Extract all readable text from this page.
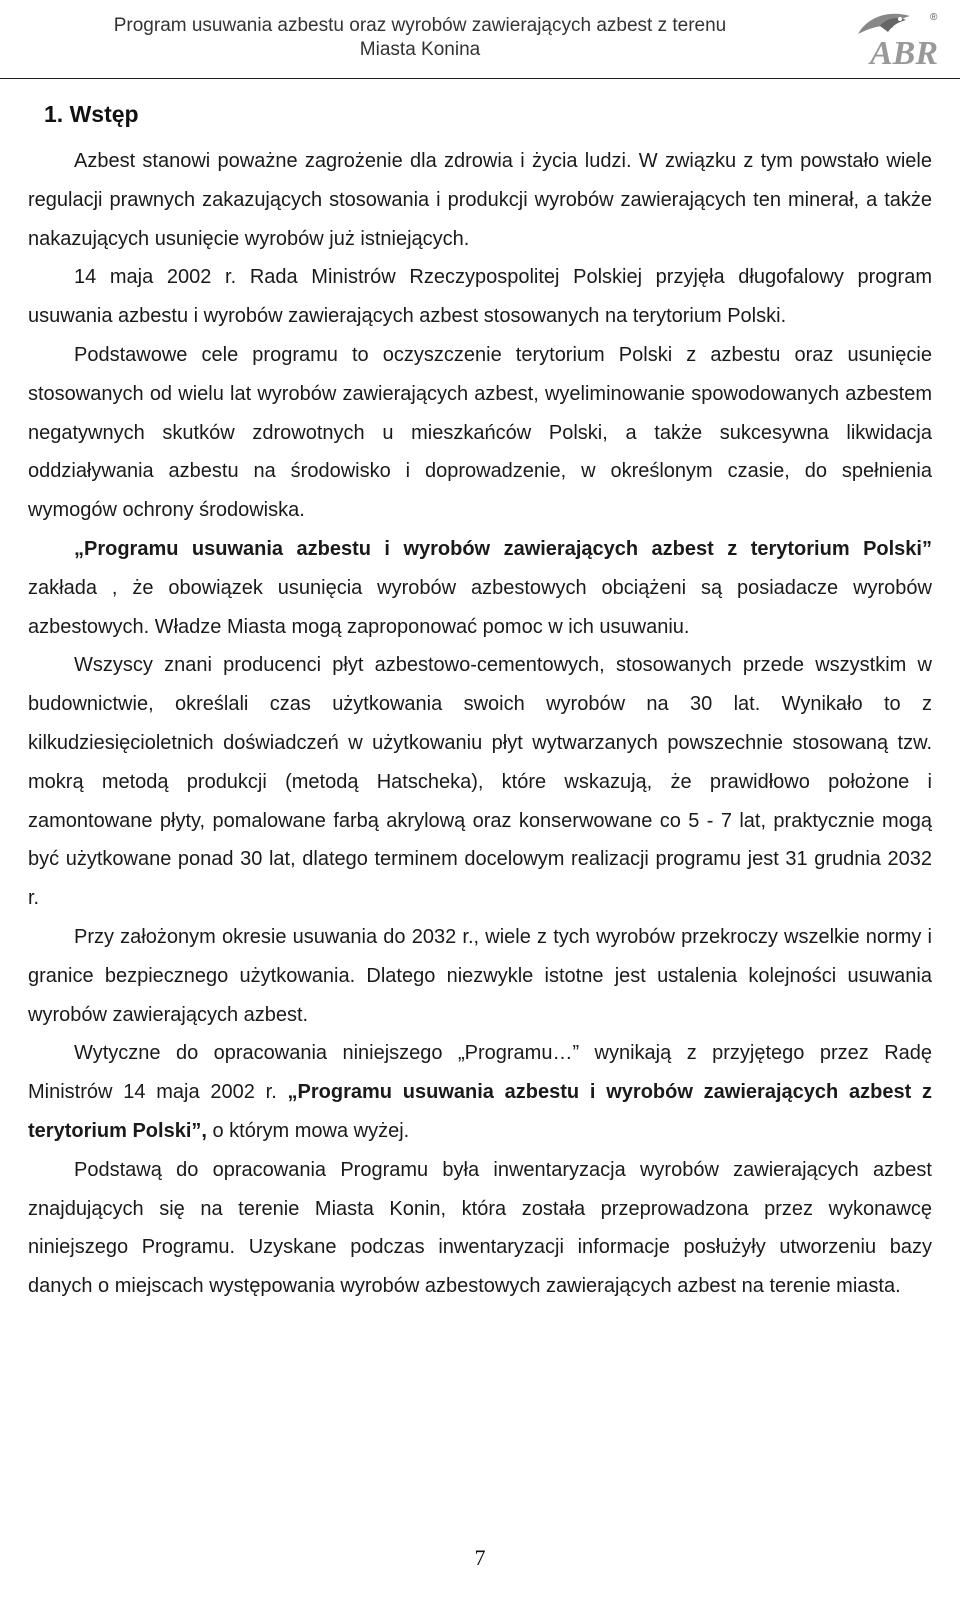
Program usuwania azbestu oraz wyrobów zawierających azbest z terenu
Miasta Konina	ABR
®
1. Wstęp

Azbest stanowi poważne zagrożenie dla zdrowia i życia ludzi. W związku z tym powstało wiele regulacji prawnych zakazujących stosowania i produkcji wyrobów zawierających ten minerał, a także nakazujących usunięcie wyrobów już istniejących.

14 maja 2002 r. Rada Ministrów Rzeczypospolitej Polskiej przyjęła długofalowy program usuwania azbestu i wyrobów zawierających azbest stosowanych na terytorium Polski.

Podstawowe cele programu to oczyszczenie terytorium Polski z azbestu oraz usunięcie stosowanych od wielu lat wyrobów zawierających azbest, wyeliminowanie spowodowanych azbestem negatywnych skutków zdrowotnych u mieszkańców Polski, a także sukcesywna likwidacja oddziaływania azbestu na środowisko i doprowadzenie, w określonym czasie, do spełnienia wymogów ochrony środowiska.

„Programu usuwania azbestu i wyrobów zawierających azbest z terytorium Polski” zakłada , że obowiązek usunięcia wyrobów azbestowych obciążeni są posiadacze wyrobów azbestowych. Władze Miasta mogą zaproponować pomoc w ich usuwaniu.

Wszyscy znani producenci płyt azbestowo-cementowych, stosowanych przede wszystkim w budownictwie, określali czas użytkowania swoich wyrobów na 30 lat. Wynikało to z kilkudziesięcioletnich doświadczeń w użytkowaniu płyt wytwarzanych powszechnie stosowaną tzw. mokrą metodą produkcji (metodą Hatscheka), które wskazują, że prawidłowo położone i zamontowane płyty, pomalowane farbą akrylową oraz konserwowane co 5 - 7 lat, praktycznie mogą być użytkowane ponad 30 lat, dlatego terminem docelowym realizacji programu jest 31 grudnia 2032 r.

Przy założonym okresie usuwania do 2032 r., wiele z tych wyrobów przekroczy wszelkie normy i granice bezpiecznego użytkowania. Dlatego niezwykle istotne jest ustalenia kolejności usuwania wyrobów zawierających azbest.

Wytyczne do opracowania niniejszego „Programu…” wynikają z przyjętego przez Radę Ministrów 14 maja 2002 r. „Programu usuwania azbestu i wyrobów zawierających azbest z terytorium Polski”, o którym mowa wyżej.

Podstawą do opracowania Programu była inwentaryzacja wyrobów zawierających azbest znajdujących się na terenie Miasta Konin, która została przeprowadzona przez wykonawcę niniejszego Programu. Uzyskane podczas inwentaryzacji informacje posłużyły utworzeniu bazy danych o miejscach występowania wyrobów azbestowych zawierających azbest na terenie miasta.

7
